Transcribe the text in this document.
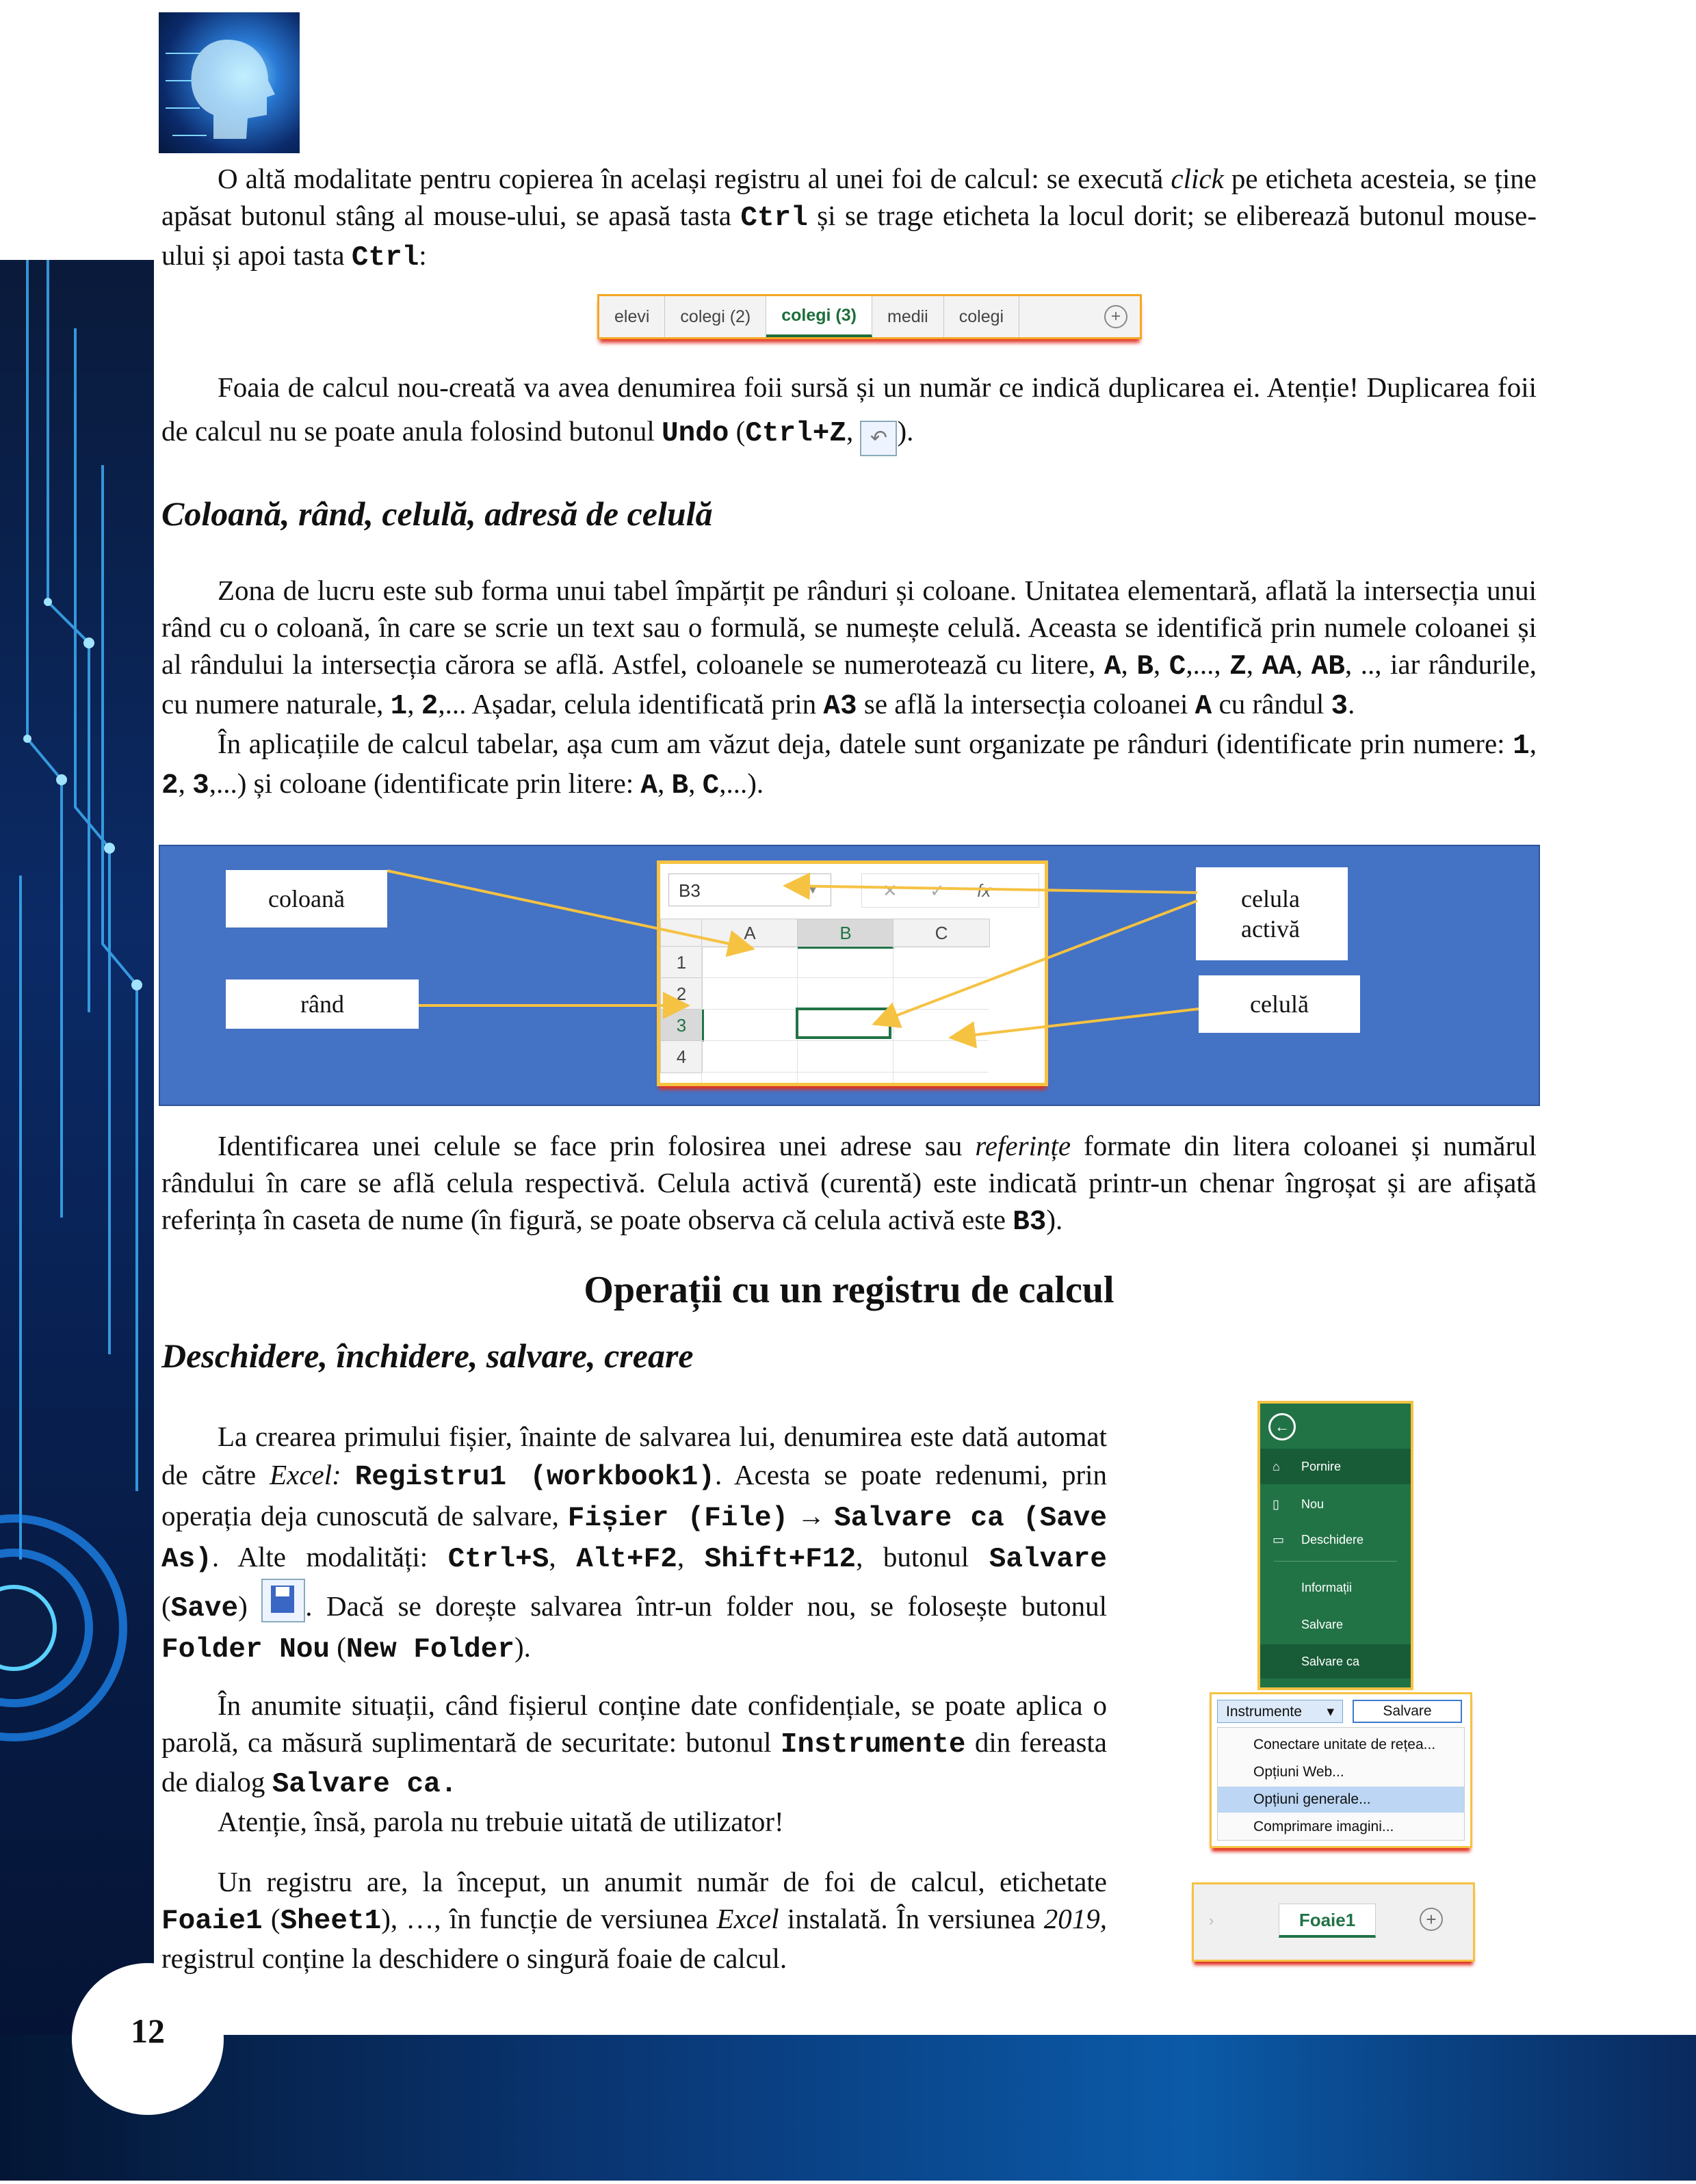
12

O altă modalitate pentru copierea în același registru al unei foi de calcul: se execută click pe eticheta acesteia, se ține apăsat butonul stâng al mouse-ului, se apasă tasta Ctrl și se trage eticheta la locul dorit; se eliberează butonul mouse-ului și apoi tasta Ctrl:

elevi	colegi (2)	colegi (3)	medii	colegi	+

Foaia de calcul nou-creată va avea denumirea foii sursă și un număr ce indică duplicarea ei. Atenție! Duplicarea foii de calcul nu se poate anula folosind butonul Undo (Ctrl+Z, ↶ ).

Coloană, rând, celulă, adresă de celulă

Zona de lucru este sub forma unui tabel împărțit pe rânduri și coloane. Unitatea elementară, aflată la intersecția unui rând cu o coloană, în care se scrie un text sau o formulă, se numește celulă. Aceasta se identifică prin numele coloanei și al rândului la intersecția cărora se află. Astfel, coloanele se numerotează cu litere, A, B, C,..., Z, AA, AB, .., iar rândurile, cu numere naturale, 1, 2,... Așadar, celula identificată prin A3 se află la intersecția coloanei A cu rândul 3.

În aplicațiile de calcul tabelar, așa cum am văzut deja, datele sunt organizate pe rânduri (identificate prin numere: 1, 2, 3,...) și coloane (identificate prin litere: A, B, C,...).

coloană
rând
celula activă
celulă
B3	▾	✕ ✓ fx
A	B	C
1
2
3
4

Identificarea unei celule se face prin folosirea unei adrese sau referințe formate din litera coloanei și numărul rândului în care se află celula respectivă. Celula activă (curentă) este indicată printr-un chenar îngroșat și are afișată referința în caseta de nume (în figură, se poate observa că celula activă este B3).

Operații cu un registru de calcul
Deschidere, închidere, salvare, creare

La crearea primului fișier, înainte de salvarea lui, denumirea este dată automat de către Excel: Registru1 (workbook1). Acesta se poate redenumi, prin operația deja cunoscută de salvare, Fișier (File) → Salvare ca (Save As). Alte modalități: Ctrl+S, Alt+F2, Shift+F12, butonul Salvare (Save)
. Dacă se dorește salvarea într-un folder nou, se folosește butonul Folder Nou (New Folder).

În anumite situații, când fișierul conține date confidențiale, se poate aplica o parolă, ca măsură suplimentară de securitate: butonul Instrumente din fereasta de dialog Salvare ca.

Atenție, însă, parola nu trebuie uitată de utilizator!

Un registru are, la început, un anumit număr de foi de calcul, etichetate Foaie1 (Sheet1), …, în funcție de versiunea Excel instalată. În versiunea 2019, registrul conține la deschidere o singură foaie de calcul.

←
⌂ Pornire
▯ Nou
▭ Deschidere
Informații
Salvare
Salvare ca
Instrumente ▾	Salvare
Conectare unitate de rețea...
Opțiuni Web...
Opțiuni generale...
Comprimare imagini...
›	Foaie1	+
